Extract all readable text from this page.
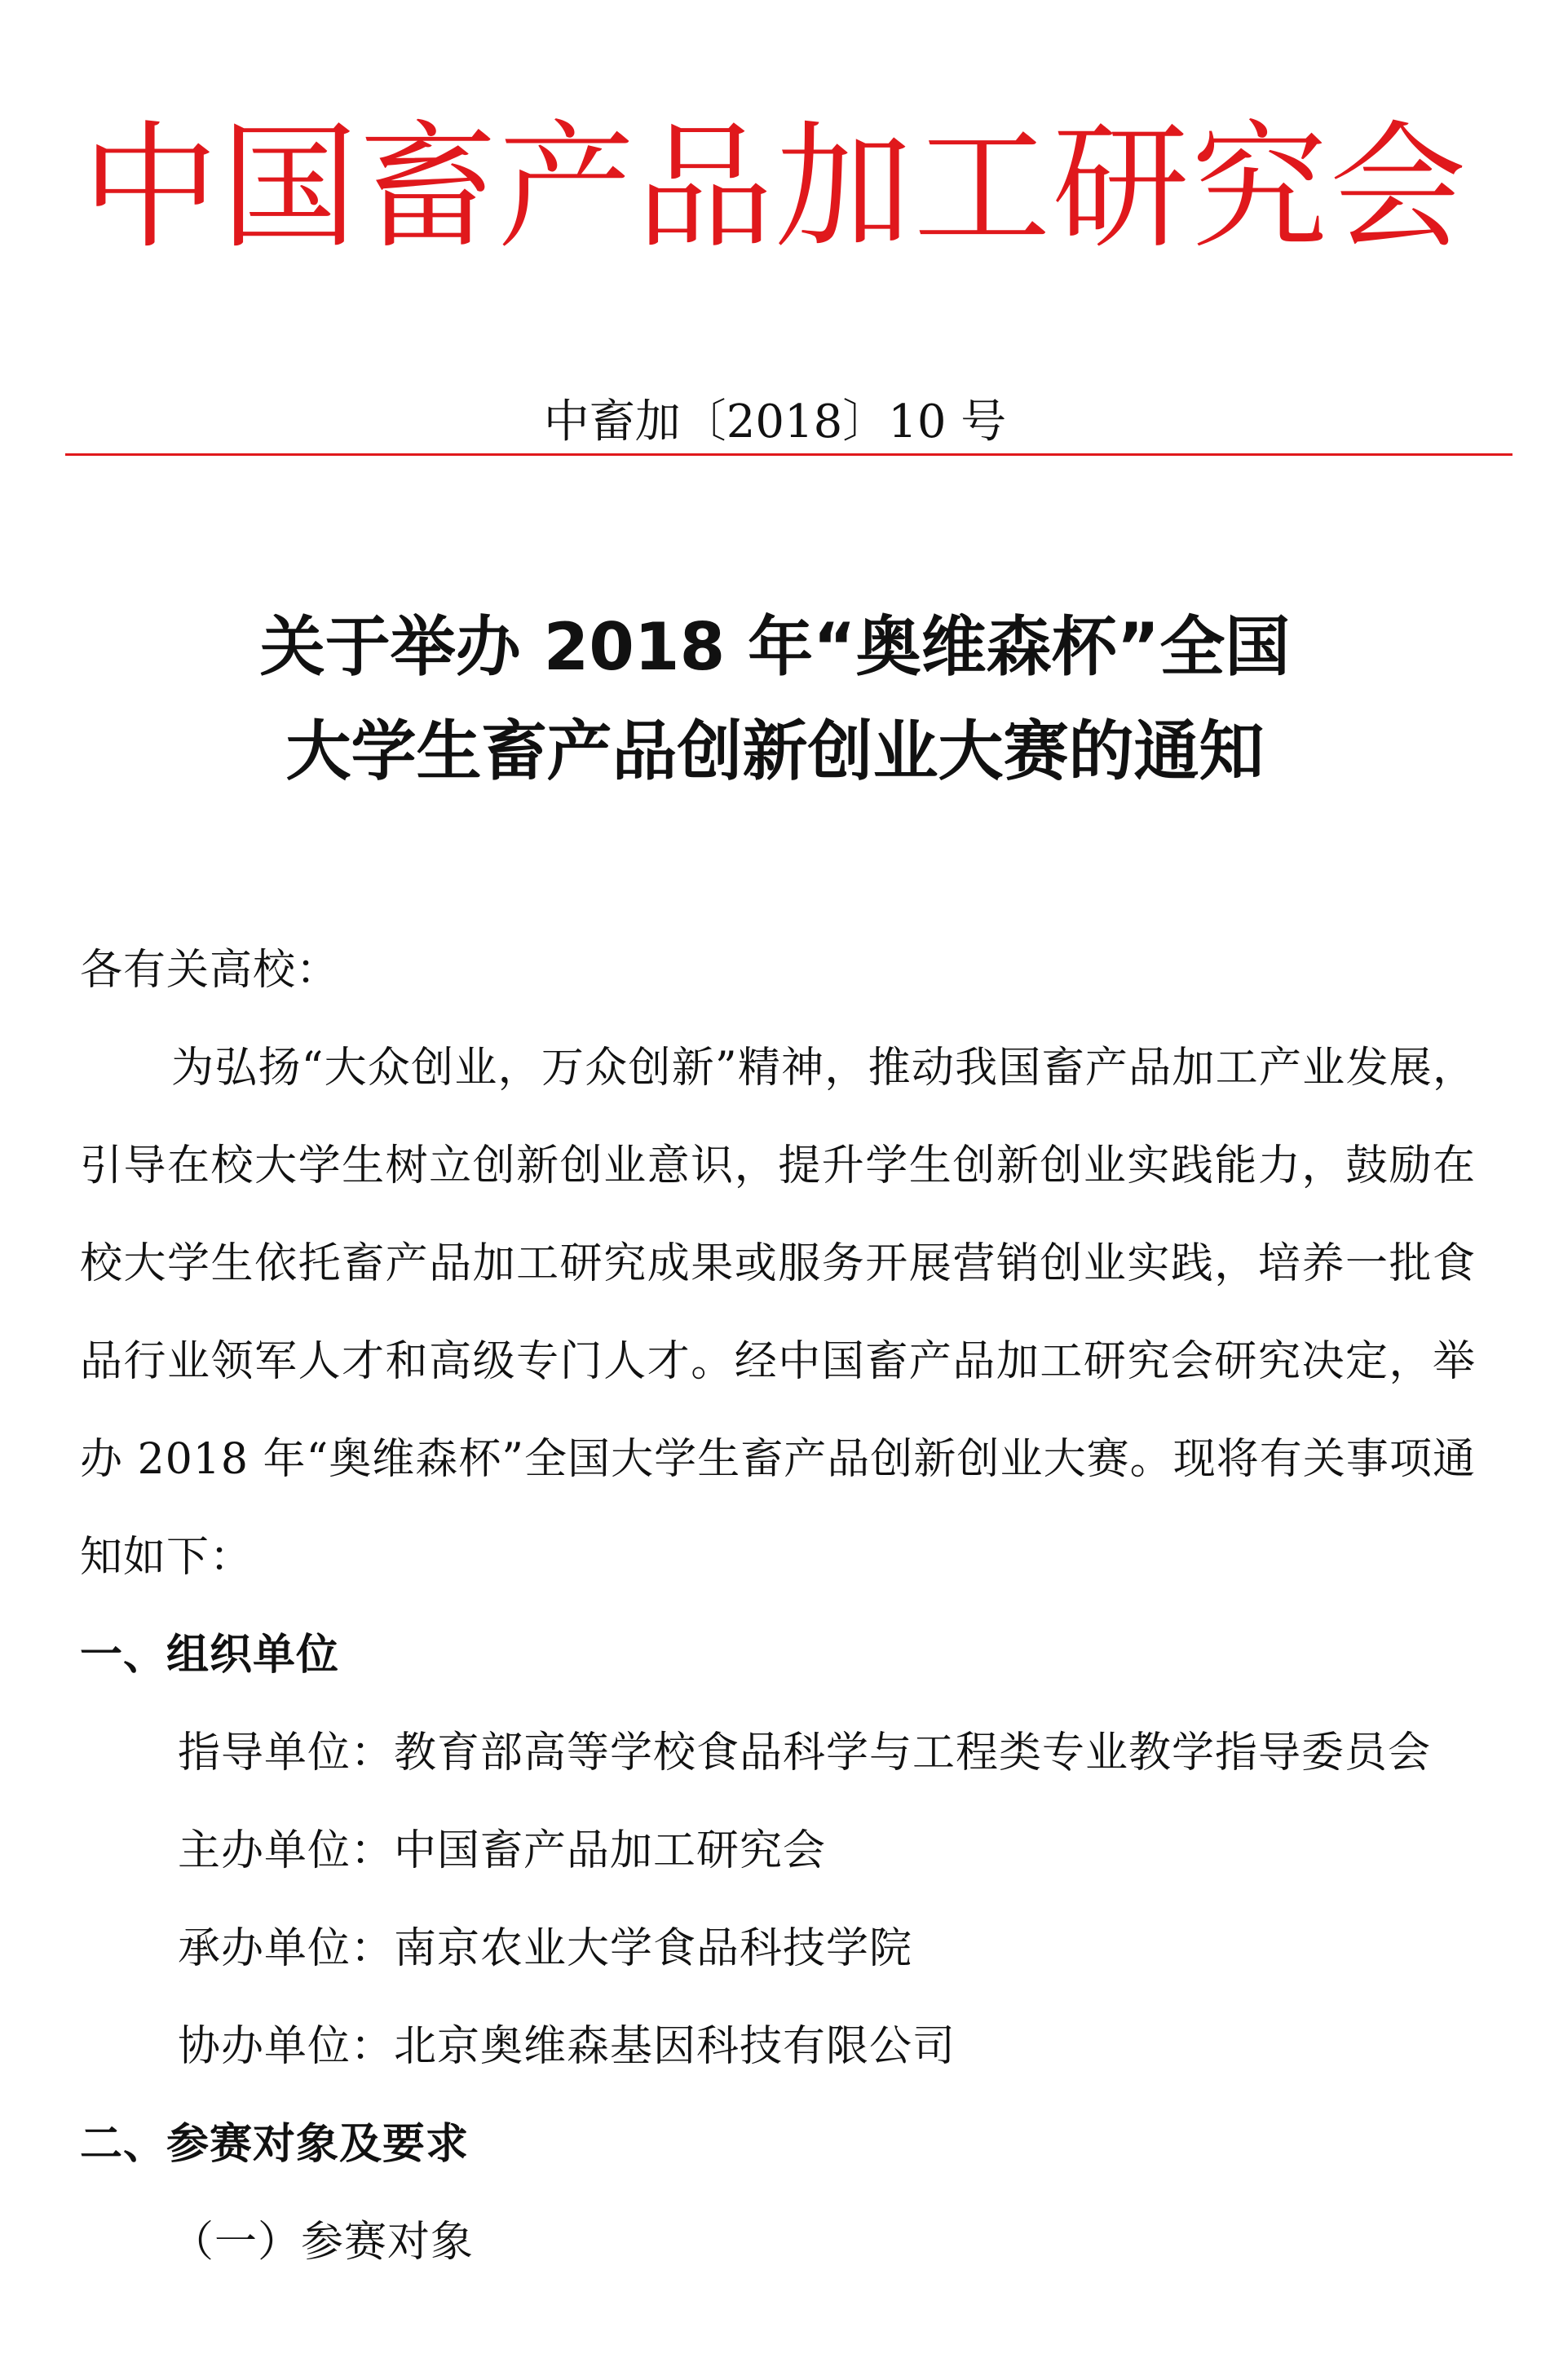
中国畜产品加工研究会
中畜加〔2018〕10 号
关于举办 2018 年“奥维森杯”全国
大学生畜产品创新创业大赛的通知

各有关高校：

为弘扬“大众创业，万众创新”精神，推动我国畜产品加工产业发展，引导在校大学生树立创新创业意识，提升学生创新创业实践能力，鼓励在校大学生依托畜产品加工研究成果或服务开展营销创业实践，培养一批食品行业领军人才和高级专门人才。经中国畜产品加工研究会研究决定，举办 2018 年“奥维森杯”全国大学生畜产品创新创业大赛。现将有关事项通知如下：

一、组织单位

指导单位：教育部高等学校食品科学与工程类专业教学指导委员会

主办单位：中国畜产品加工研究会

承办单位：南京农业大学食品科技学院

协办单位：北京奥维森基因科技有限公司

二、参赛对象及要求

（一）参赛对象
